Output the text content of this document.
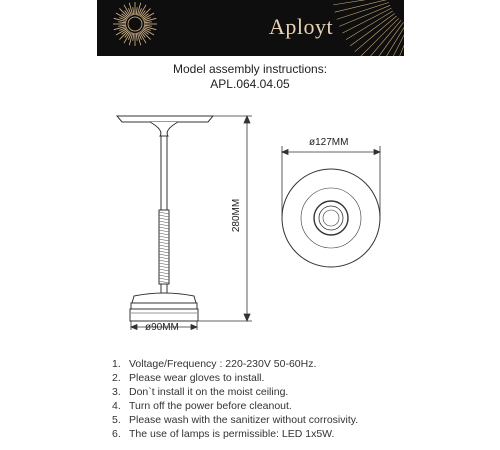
Aployt
Model assembly instructions:
APL.064.04.05
ø127MM
ø90MM
280MM
1. Voltage/Frequency : 220-230V 50-60Hz.
2. Please wear gloves to install.
3. Don`t install it on the moist ceiling.
4. Turn off the power before cleanout.
5. Please wash with the sanitizer without corrosivity.
6. The use of lamps is permissible: LED 1x5W.
